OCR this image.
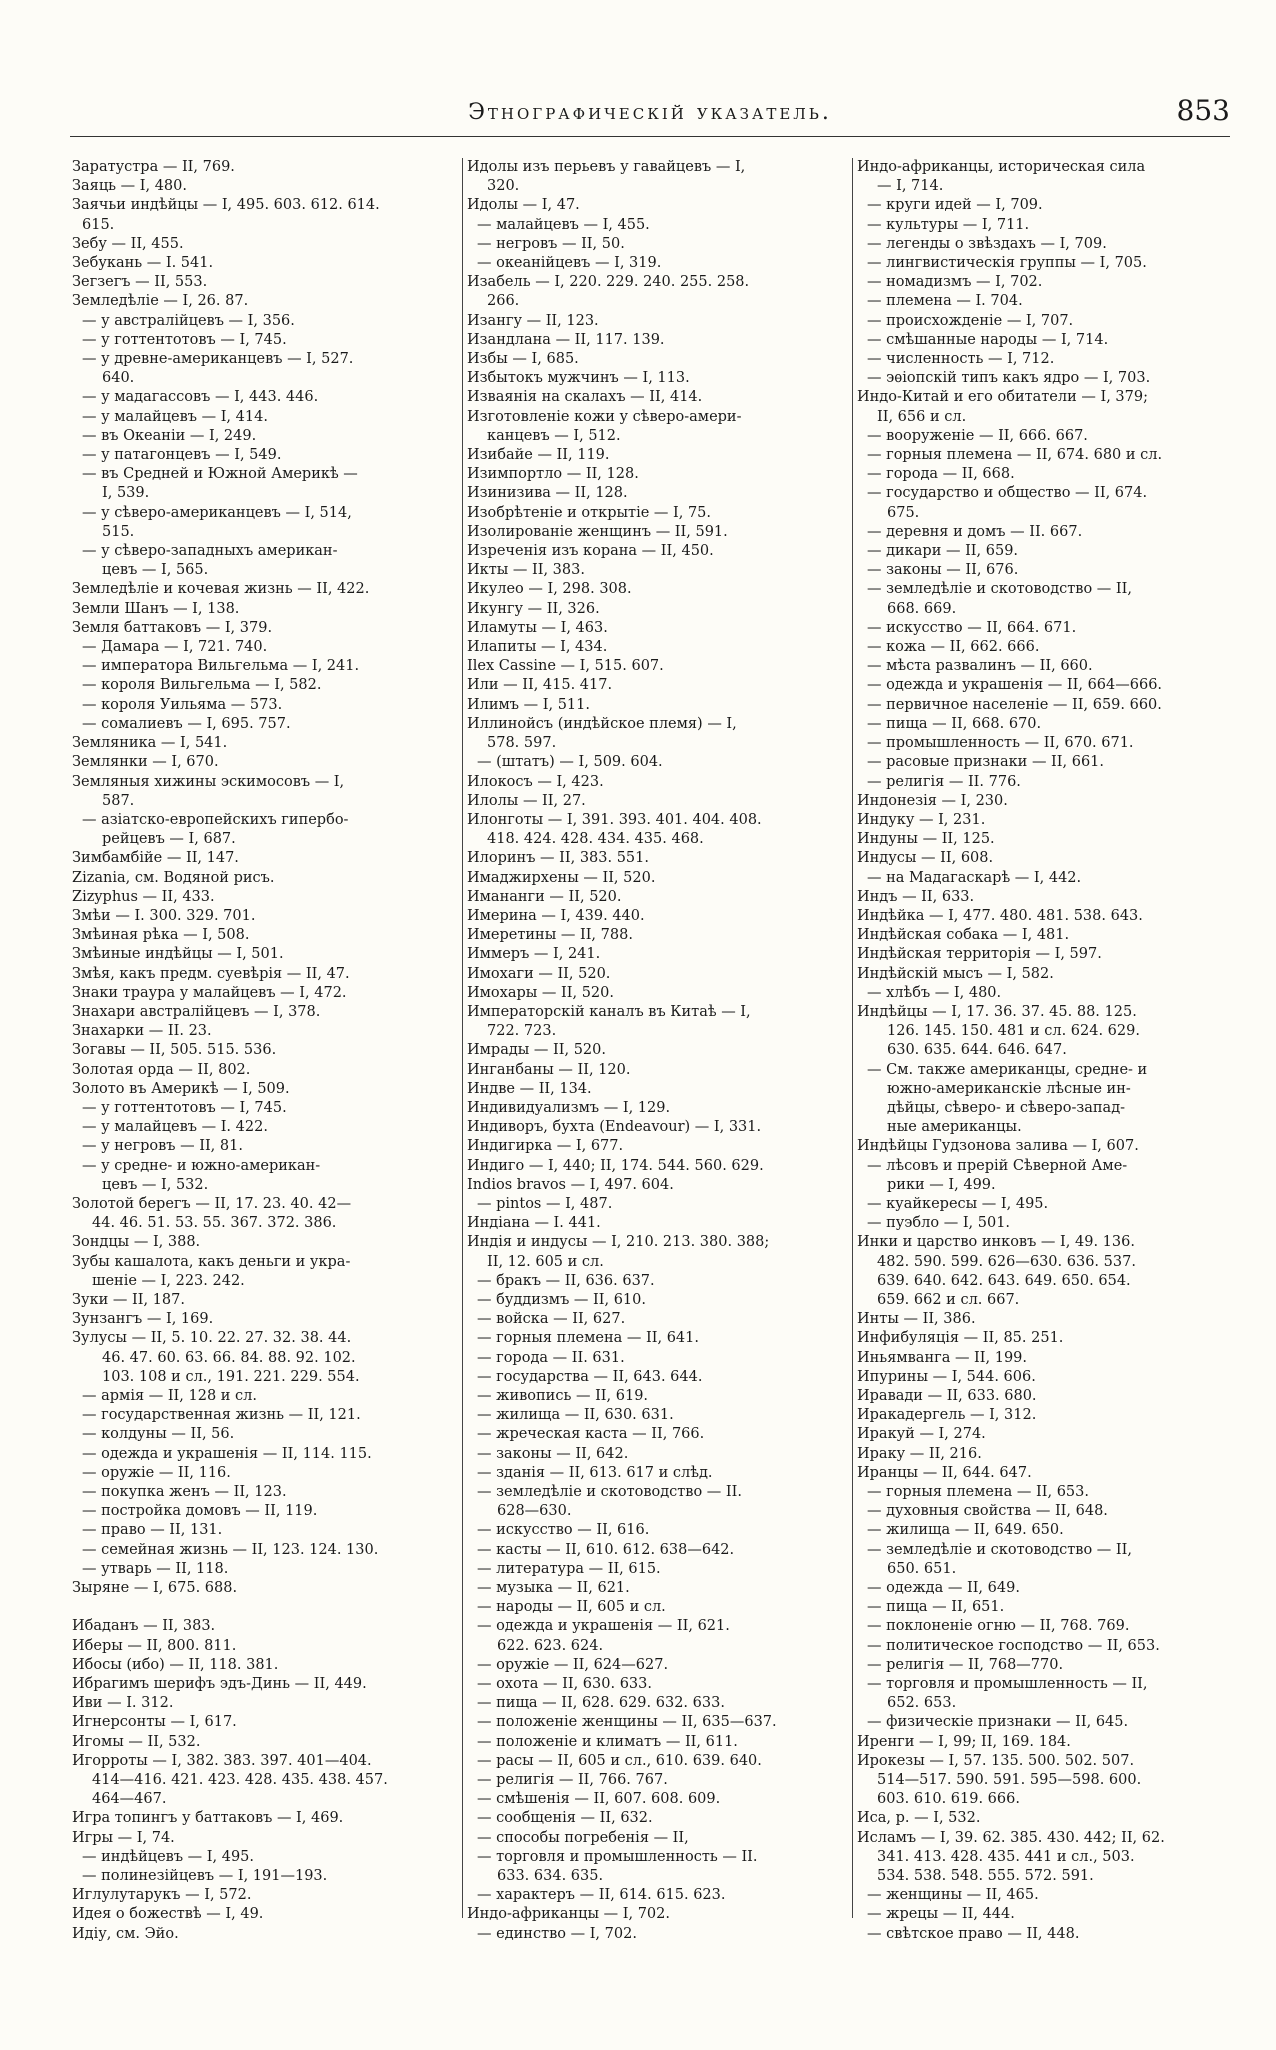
Этнографическій указатель.	853
Заратустра — II, 769.
Заяць — I, 480.
Заячьи индѣйцы — I, 495. 603. 612. 614.
615.
Зебу — II, 455.
Зебукань — I. 541.
Зегзегъ — II, 553.
Земледѣліе — I, 26. 87.
— у австралійцевъ — I, 356.
— у готтентотовъ — I, 745.
— у древне-американцевъ — I, 527.
640.
— у мадагассовъ — I, 443. 446.
— у малайцевъ — I, 414.
— въ Океаніи — I, 249.
— у патагонцевъ — I, 549.
— въ Средней и Южной Америкѣ —
I, 539.
— у сѣверо-американцевъ — I, 514,
515.
— у сѣверо-западныхъ американ-
цевъ — I, 565.
Земледѣліе и кочевая жизнь — II, 422.
Земли Шанъ — I, 138.
Земля баттаковъ — I, 379.
— Дамара — I, 721. 740.
— императора Вильгельма — I, 241.
— короля Вильгельма — I, 582.
— короля Уильяма — 573.
— сомалиевъ — I, 695. 757.
Земляника — I, 541.
Землянки — I, 670.
Земляныя хижины эскимосовъ — I,
587.
— азіатско-европейскихъ гипербо-
рейцевъ — I, 687.
Зимбамбійе — II, 147.
Zizania, см. Водяной рисъ.
Zizyphus — II, 433.
Змѣи — I. 300. 329. 701.
Змѣиная рѣка — I, 508.
Змѣиные индѣйцы — I, 501.
Змѣя, какъ предм. суевѣрія — II, 47.
Знаки траура у малайцевъ — I, 472.
Знахари австралійцевъ — I, 378.
Знахарки — II. 23.
Зогавы — II, 505. 515. 536.
Золотая орда — II, 802.
Золото въ Америкѣ — I, 509.
— у готтентотовъ — I, 745.
— у малайцевъ — I. 422.
— у негровъ — II, 81.
— у средне- и южно-американ-
цевъ — I, 532.
Золотой берегъ — II, 17. 23. 40. 42—
44. 46. 51. 53. 55. 367. 372. 386.
Зондцы — I, 388.
Зубы кашалота, какъ деньги и укра-
шеніе — I, 223. 242.
Зуки — II, 187.
Зунзангъ — I, 169.
Зулусы — II, 5. 10. 22. 27. 32. 38. 44.
46. 47. 60. 63. 66. 84. 88. 92. 102.
103. 108 и сл., 191. 221. 229. 554.
— армія — II, 128 и сл.
— государственная жизнь — II, 121.
— колдуны — II, 56.
— одежда и украшенія — II, 114. 115.
— оружіе — II, 116.
— покупка женъ — II, 123.
— постройка домовъ — II, 119.
— право — II, 131.
— семейная жизнь — II, 123. 124. 130.
— утварь — II, 118.
Зыряне — I, 675. 688.
Ибаданъ — II, 383.
Иберы — II, 800. 811.
Ибосы (ибо) — II, 118. 381.
Ибрагимъ шерифъ эдъ-Динь — II, 449.
Иви — I. 312.
Игнерсонты — I, 617.
Игомы — II, 532.
Игорроты — I, 382. 383. 397. 401—404.
414—416. 421. 423. 428. 435. 438. 457.
464—467.
Игра топингъ у баттаковъ — I, 469.
Игры — I, 74.
— индѣйцевъ — I, 495.
— полинезійцевъ — I, 191—193.
Иглулутарукъ — I, 572.
Идея о божествѣ — I, 49.
Идіу, см. Эйо.
Идолы изъ перьевъ у гавайцевъ — I,
320.
Идолы — I, 47.
— малайцевъ — I, 455.
— негровъ — II, 50.
— океанійцевъ — I, 319.
Изабель — I, 220. 229. 240. 255. 258.
266.
Изангу — II, 123.
Изандлана — II, 117. 139.
Избы — I, 685.
Избытокъ мужчинъ — I, 113.
Изваянія на скалахъ — II, 414.
Изготовленіе кожи у сѣверо-амери-
канцевъ — I, 512.
Изибайе — II, 119.
Изимпортло — II, 128.
Изинизива — II, 128.
Изобрѣтеніе и открытіе — I, 75.
Изолированіе женщинъ — II, 591.
Изреченія изъ корана — II, 450.
Икты — II, 383.
Икулео — I, 298. 308.
Икунгу — II, 326.
Иламуты — I, 463.
Илапиты — I, 434.
Ilex Cassine — I, 515. 607.
Или — II, 415. 417.
Илимъ — I, 511.
Иллинойсъ (индѣйское племя) — I,
578. 597.
— (штатъ) — I, 509. 604.
Илокосъ — I, 423.
Илолы — II, 27.
Илонготы — I, 391. 393. 401. 404. 408.
418. 424. 428. 434. 435. 468.
Илоринъ — II, 383. 551.
Имаджирхены — II, 520.
Имананги — II, 520.
Имерина — I, 439. 440.
Имеретины — II, 788.
Иммеръ — I, 241.
Имохаги — II, 520.
Имохары — II, 520.
Императорскій каналъ въ Китаѣ — I,
722. 723.
Имрады — II, 520.
Инганбаны — II, 120.
Индве — II, 134.
Индивидуализмъ — I, 129.
Индиворъ, бухта (Endeavour) — I, 331.
Индигирка — I, 677.
Индиго — I, 440; II, 174. 544. 560. 629.
Indios bravos — I, 497. 604.
— pintos — I, 487.
Индіана — I. 441.
Индія и индусы — I, 210. 213. 380. 388;
II, 12. 605 и сл.
— бракъ — II, 636. 637.
— буддизмъ — II, 610.
— войска — II, 627.
— горныя племена — II, 641.
— города — II. 631.
— государства — II, 643. 644.
— живопись — II, 619.
— жилища — II, 630. 631.
— жреческая каста — II, 766.
— законы — II, 642.
— зданія — II, 613. 617 и слѣд.
— земледѣліе и скотоводство — II.
628—630.
— искусство — II, 616.
— касты — II, 610. 612. 638—642.
— литература — II, 615.
— музыка — II, 621.
— народы — II, 605 и сл.
— одежда и украшенія — II, 621.
622. 623. 624.
— оружіе — II, 624—627.
— охота — II, 630. 633.
— пища — II, 628. 629. 632. 633.
— положеніе женщины — II, 635—637.
— положеніе и климатъ — II, 611.
— расы — II, 605 и сл., 610. 639. 640.
— религія — II, 766. 767.
— смѣшенія — II, 607. 608. 609.
— сообщенія — II, 632.
— способы погребенія — II,
— торговля и промышленность — II.
633. 634. 635.
— характеръ — II, 614. 615. 623.
Индо-африканцы — I, 702.
— единство — I, 702.
Индо-африканцы, историческая сила
— I, 714.
— круги идей — I, 709.
— культуры — I, 711.
— легенды о звѣздахъ — I, 709.
— лингвистическія группы — I, 705.
— номадизмъ — I, 702.
— племена — I. 704.
— происхожденіе — I, 707.
— смѣшанные народы — I, 714.
— численность — I, 712.
— эѳіопскій типъ какъ ядро — I, 703.
Индо-Китай и его обитатели — I, 379;
II, 656 и сл.
— вооруженіе — II, 666. 667.
— горныя племена — II, 674. 680 и сл.
— города — II, 668.
— государство и общество — II, 674.
675.
— деревня и домъ — II. 667.
— дикари — II, 659.
— законы — II, 676.
— земледѣліе и скотоводство — II,
668. 669.
— искусство — II, 664. 671.
— кожа — II, 662. 666.
— мѣста развалинъ — II, 660.
— одежда и украшенія — II, 664—666.
— первичное населеніе — II, 659. 660.
— пища — II, 668. 670.
— промышленность — II, 670. 671.
— расовые признаки — II, 661.
— религія — II. 776.
Индонезія — I, 230.
Индуку — I, 231.
Индуны — II, 125.
Индусы — II, 608.
— на Мадагаскарѣ — I, 442.
Индъ — II, 633.
Индѣйка — I, 477. 480. 481. 538. 643.
Индѣйская собака — I, 481.
Индѣйская территорія — I, 597.
Индѣйскій мысъ — I, 582.
— хлѣбъ — I, 480.
Индѣйцы — I, 17. 36. 37. 45. 88. 125.
126. 145. 150. 481 и сл. 624. 629.
630. 635. 644. 646. 647.
— См. также американцы, средне- и
южно-американскіе лѣсные ин-
дѣйцы, сѣверо- и сѣверо-запад-
ные американцы.
Индѣйцы Гудзонова залива — I, 607.
— лѣсовъ и прерій Сѣверной Аме-
рики — I, 499.
— куайкересы — I, 495.
— пуэбло — I, 501.
Инки и царство инковъ — I, 49. 136.
482. 590. 599. 626—630. 636. 537.
639. 640. 642. 643. 649. 650. 654.
659. 662 и сл. 667.
Инты — II, 386.
Инфибуляція — II, 85. 251.
Иньямванга — II, 199.
Ипурины — I, 544. 606.
Иравади — II, 633. 680.
Иракадергель — I, 312.
Иракуй — I, 274.
Ираку — II, 216.
Иранцы — II, 644. 647.
— горныя племена — II, 653.
— духовныя свойства — II, 648.
— жилища — II, 649. 650.
— земледѣліе и скотоводство — II,
650. 651.
— одежда — II, 649.
— пища — II, 651.
— поклоненіе огню — II, 768. 769.
— политическое господство — II, 653.
— религія — II, 768—770.
— торговля и промышленность — II,
652. 653.
— физическіе признаки — II, 645.
Иренги — I, 99; II, 169. 184.
Ирокезы — I, 57. 135. 500. 502. 507.
514—517. 590. 591. 595—598. 600.
603. 610. 619. 666.
Иса, р. — I, 532.
Исламъ — I, 39. 62. 385. 430. 442; II, 62.
341. 413. 428. 435. 441 и сл., 503.
534. 538. 548. 555. 572. 591.
— женщины — II, 465.
— жрецы — II, 444.
— свѣтское право — II, 448.
